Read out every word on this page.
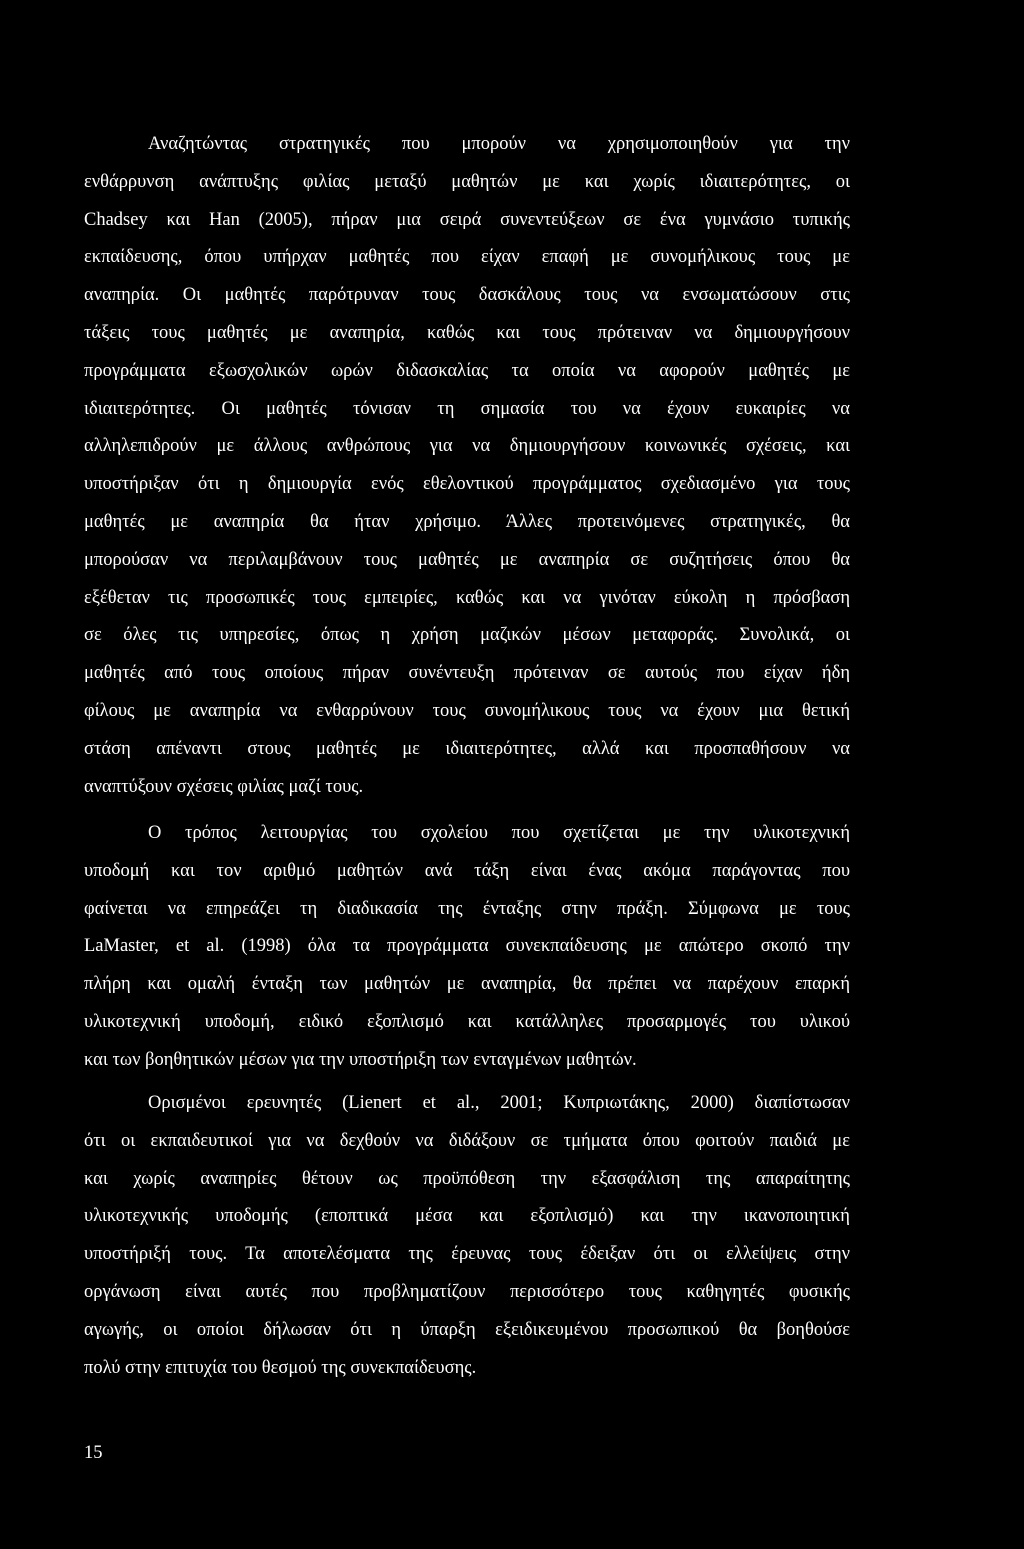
Αναζητώντας στρατηγικές που μπορούν να χρησιμοποιηθούν για την
ενθάρρυνση ανάπτυξης φιλίας μεταξύ μαθητών με και χωρίς ιδιαιτερότητες, οι
Chadsey και Han (2005), πήραν μια σειρά συνεντεύξεων σε ένα γυμνάσιο τυπικής
εκπαίδευσης, όπου υπήρχαν μαθητές που είχαν επαφή με συνομήλικους τους με
αναπηρία. Οι μαθητές παρότρυναν τους δασκάλους τους να ενσωματώσουν στις
τάξεις τους μαθητές με αναπηρία, καθώς και τους πρότειναν να δημιουργήσουν
προγράμματα εξωσχολικών ωρών διδασκαλίας τα οποία να αφορούν μαθητές με
ιδιαιτερότητες. Οι μαθητές τόνισαν τη σημασία του να έχουν ευκαιρίες να
αλληλεπιδρούν με άλλους ανθρώπους για να δημιουργήσουν κοινωνικές σχέσεις, και
υποστήριξαν ότι η δημιουργία ενός εθελοντικού προγράμματος σχεδιασμένο για τους
μαθητές με αναπηρία θα ήταν χρήσιμο. Άλλες προτεινόμενες στρατηγικές, θα
μπορούσαν να περιλαμβάνουν τους μαθητές με αναπηρία σε συζητήσεις όπου θα
εξέθεταν τις προσωπικές τους εμπειρίες, καθώς και να γινόταν εύκολη η πρόσβαση
σε όλες τις υπηρεσίες, όπως η χρήση μαζικών μέσων μεταφοράς. Συνολικά, οι
μαθητές από τους οποίους πήραν συνέντευξη πρότειναν σε αυτούς που είχαν ήδη
φίλους με αναπηρία να ενθαρρύνουν τους συνομήλικους τους να έχουν μια θετική
στάση απέναντι στους μαθητές με ιδιαιτερότητες, αλλά και προσπαθήσουν να
αναπτύξουν σχέσεις φιλίας μαζί τους.
Ο τρόπος λειτουργίας του σχολείου που σχετίζεται με την υλικοτεχνική
υποδομή και τον αριθμό μαθητών ανά τάξη είναι ένας ακόμα παράγοντας που
φαίνεται να επηρεάζει τη διαδικασία της ένταξης στην πράξη. Σύμφωνα με τους
LaMaster, et al. (1998) όλα τα προγράμματα συνεκπαίδευσης με απώτερο σκοπό την
πλήρη και ομαλή ένταξη των μαθητών με αναπηρία, θα πρέπει να παρέχουν επαρκή
υλικοτεχνική υποδομή, ειδικό εξοπλισμό και κατάλληλες προσαρμογές του υλικού
και των βοηθητικών μέσων για την υποστήριξη των ενταγμένων μαθητών.
Ορισμένοι ερευνητές (Lienert et al., 2001; Κυπριωτάκης, 2000) διαπίστωσαν
ότι οι εκπαιδευτικοί για να δεχθούν να διδάξουν σε τμήματα όπου φοιτούν παιδιά με
και χωρίς αναπηρίες θέτουν ως προϋπόθεση την εξασφάλιση της απαραίτητης
υλικοτεχνικής υποδομής (εποπτικά μέσα και εξοπλισμό) και την ικανοποιητική
υποστήριξή τους. Τα αποτελέσματα της έρευνας τους έδειξαν ότι οι ελλείψεις στην
οργάνωση είναι αυτές που προβληματίζουν περισσότερο τους καθηγητές φυσικής
αγωγής, οι οποίοι δήλωσαν ότι η ύπαρξη εξειδικευμένου προσωπικού θα βοηθούσε
πολύ στην επιτυχία του θεσμού της συνεκπαίδευσης.
15
